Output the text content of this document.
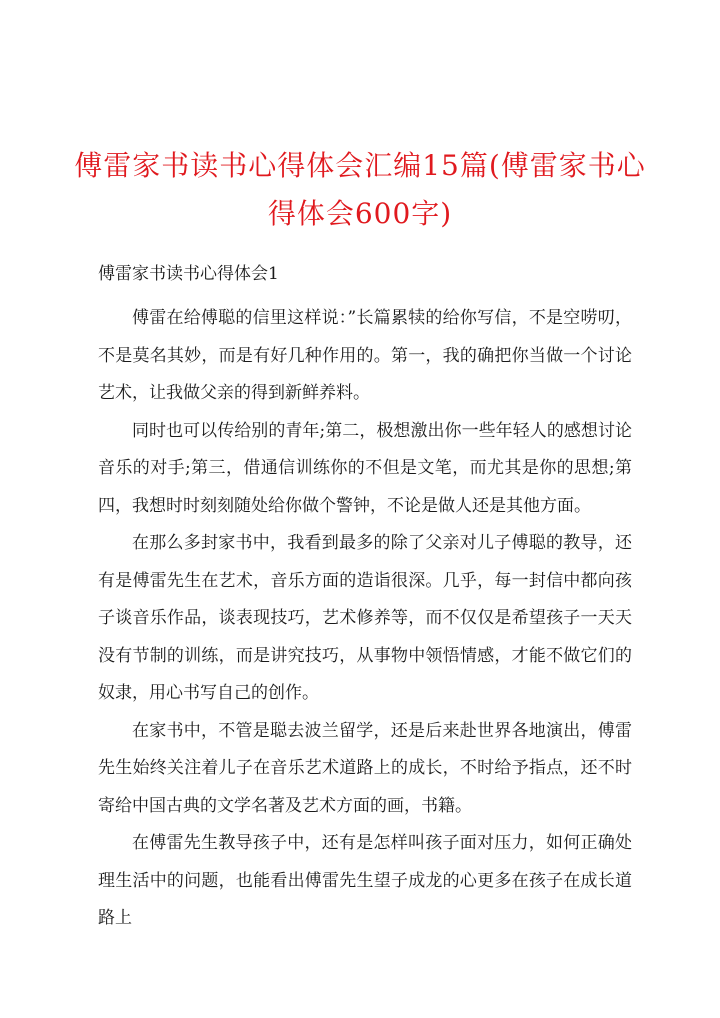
傅雷家书读书心得体会汇编15篇(傅雷家书心得体会600字)
傅雷家书读书心得体会1

傅雷在给傅聪的信里这样说：”长篇累犊的给你写信，不是空唠叨，不是莫名其妙，而是有好几种作用的。第一，我的确把你当做一个讨论艺术，让我做父亲的得到新鲜养料。

同时也可以传给别的青年;第二，极想激出你一些年轻人的感想讨论音乐的对手;第三，借通信训练你的不但是文笔，而尤其是你的思想;第四，我想时时刻刻随处给你做个警钟，不论是做人还是其他方面。

在那么多封家书中，我看到最多的除了父亲对儿子傅聪的教导，还有是傅雷先生在艺术，音乐方面的造诣很深。几乎，每一封信中都向孩子谈音乐作品，谈表现技巧，艺术修养等，而不仅仅是希望孩子一天天没有节制的训练，而是讲究技巧，从事物中领悟情感，才能不做它们的奴隶，用心书写自己的创作。

在家书中，不管是聪去波兰留学，还是后来赴世界各地演出，傅雷先生始终关注着儿子在音乐艺术道路上的成长，不时给予指点，还不时寄给中国古典的文学名著及艺术方面的画，书籍。

在傅雷先生教导孩子中，还有是怎样叫孩子面对压力，如何正确处理生活中的问题，也能看出傅雷先生望子成龙的心更多在孩子在成长道路上
